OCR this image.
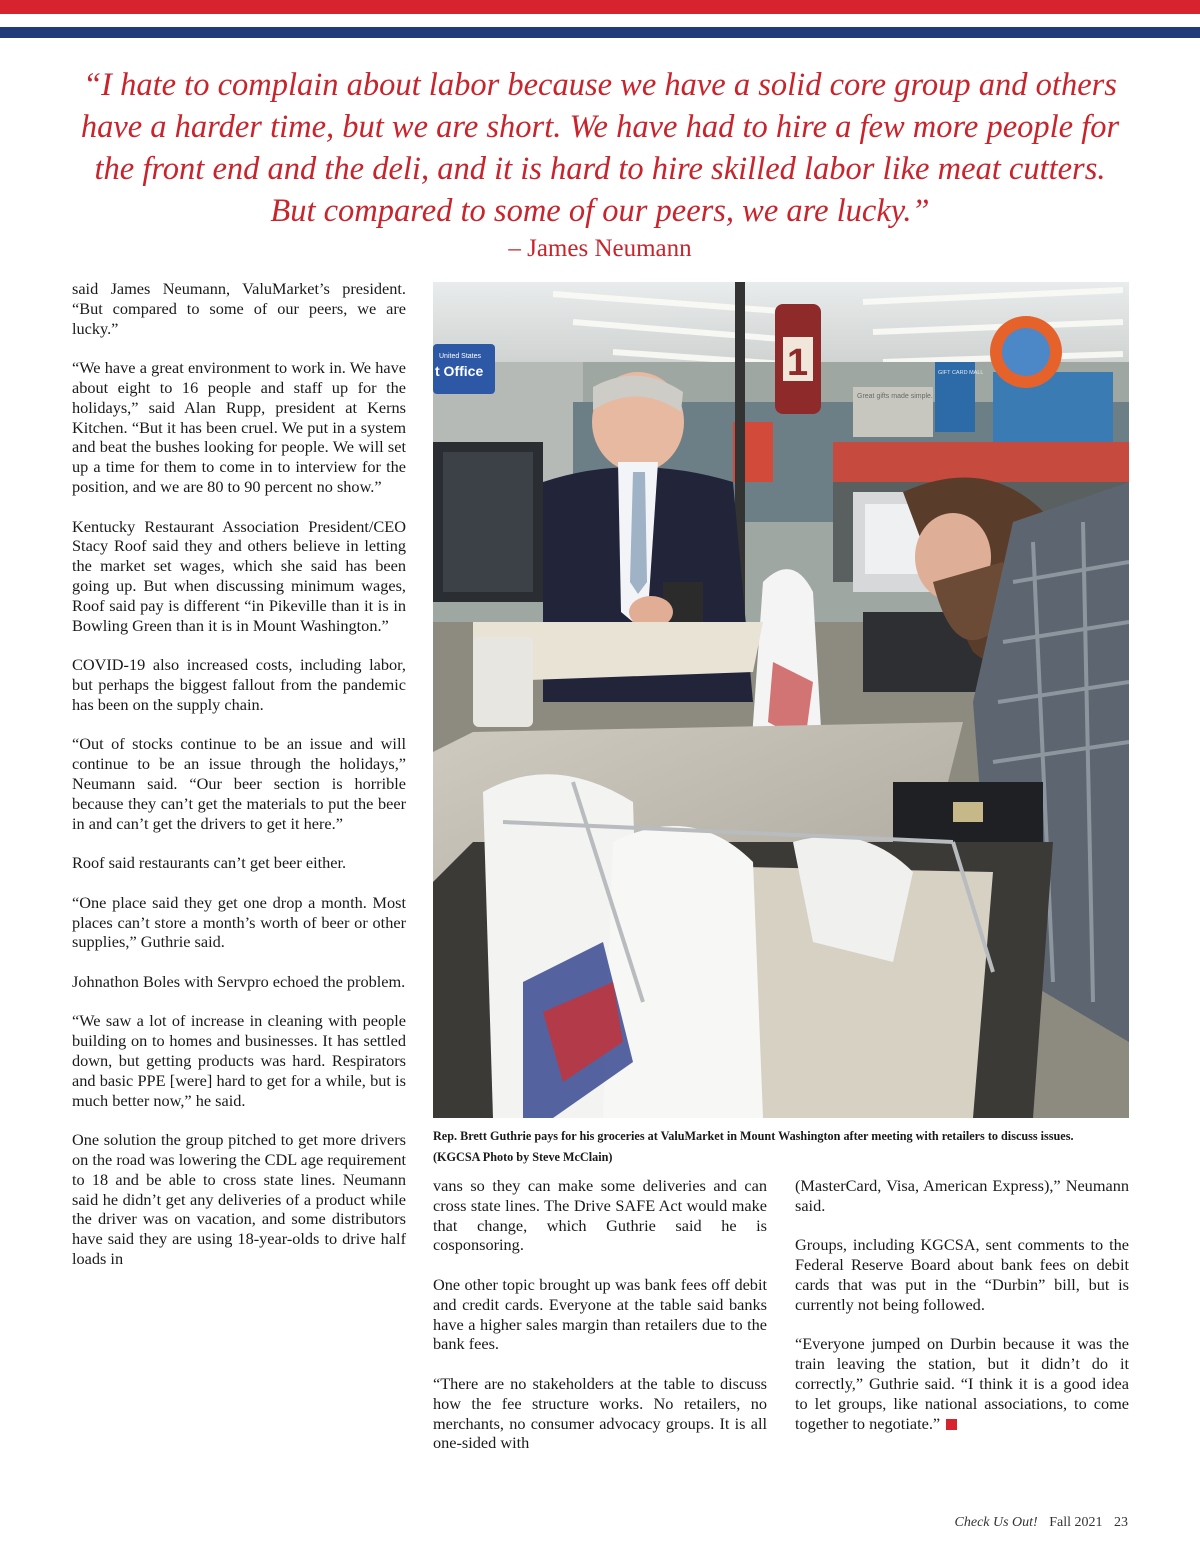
“I hate to complain about labor because we have a solid core group and others have a harder time, but we are short. We have had to hire a few more people for the front end and the deli, and it is hard to hire skilled labor like meat cutters. But compared to some of our peers, we are lucky.”

– James Neumann

said James Neumann, ValuMarket’s president. “But compared to some of our peers, we are lucky.”

“We have a great environment to work in. We have about eight to 16 people and staff up for the holidays,” said Alan Rupp, president at Kerns Kitchen. “But it has been cruel. We put in a system and beat the bushes looking for people. We will set up a time for them to come in to interview for the position, and we are 80 to 90 percent no show.”

Kentucky Restaurant Association President/CEO Stacy Roof said they and others believe in letting the market set wages, which she said has been going up. But when discussing minimum wages, Roof said pay is different “in Pikeville than it is in Bowling Green than it is in Mount Washington.”

COVID-19 also increased costs, including labor, but perhaps the biggest fallout from the pandemic has been on the supply chain.

“Out of stocks continue to be an issue and will continue to be an issue through the holidays,” Neumann said. “Our beer section is horrible because they can’t get the materials to put the beer in and can’t get the drivers to get it here.”

Roof said restaurants can’t get beer either.

“One place said they get one drop a month. Most places can’t store a month’s worth of beer or other supplies,” Guthrie said.

Johnathon Boles with Servpro echoed the problem.

“We saw a lot of increase in cleaning with people building on to homes and businesses. It has settled down, but getting products was hard. Respirators and basic PPE [were] hard to get for a while, but is much better now,” he said.

One solution the group pitched to get more drivers on the road was lowering the CDL age requirement to 18 and be able to cross state lines. Neumann said he didn’t get any deliveries of a product while the driver was on vacation, and some distributors have said they are using 18-year-olds to drive half loads in

United States
t Office
Great gifts made simple.
GIFT CARD MALL
1
Rep. Brett Guthrie pays for his groceries at ValuMarket in Mount Washington after meeting with retailers to discuss issues.
(KGCSA Photo by Steve McClain)

vans so they can make some deliveries and can cross state lines. The Drive SAFE Act would make that change, which Guthrie said he is cosponsoring.

One other topic brought up was bank fees off debit and credit cards. Everyone at the table said banks have a higher sales margin than retailers due to the bank fees.

“There are no stakeholders at the table to discuss how the fee structure works. No retailers, no merchants, no consumer advocacy groups. It is all one-sided with

(MasterCard, Visa, American Express),” Neumann said.

Groups, including KGCSA, sent comments to the Federal Reserve Board about bank fees on debit cards that was put in the “Durbin” bill, but is currently not being followed.

“Everyone jumped on Durbin because it was the train leaving the station, but it didn’t do it correctly,” Guthrie said. “I think it is a good idea to let groups, like national associations, to come together to negotiate.”

Check Us Out! Fall 2021 23
